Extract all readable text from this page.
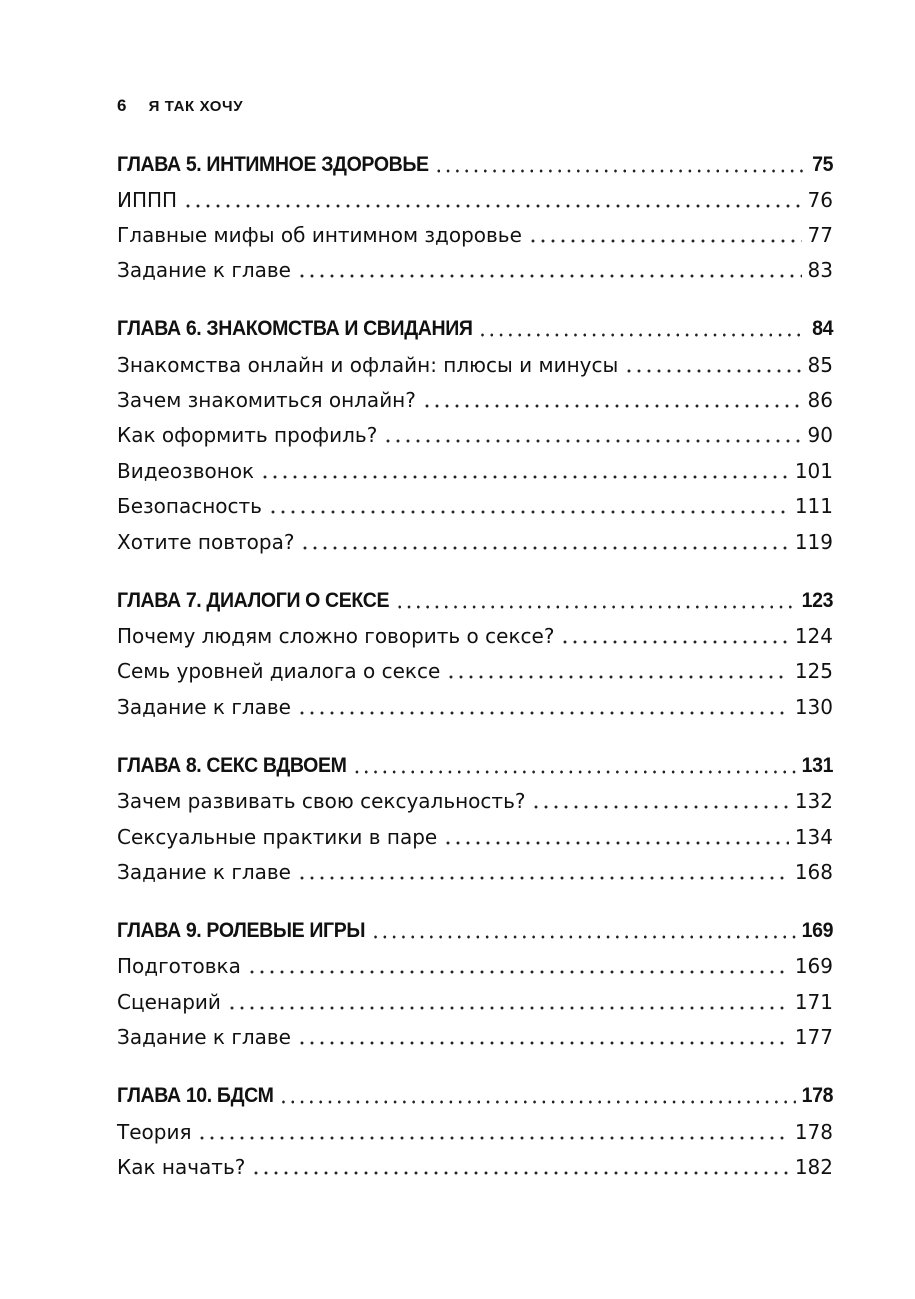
6 Я ТАК ХОЧУ
ГЛАВА 5. ИНТИМНОЕ ЗДОРОВЬЕ	75
ИППП	76
Главные мифы об интимном здоровье	77
Задание к главе	83
ГЛАВА 6. ЗНАКОМСТВА И СВИДАНИЯ	84
Знакомства онлайн и офлайн: плюсы и минусы	85
Зачем знакомиться онлайн?	86
Как оформить профиль?	90
Видеозвонок	101
Безопасность	111
Хотите повтора?	119
ГЛАВА 7. ДИАЛОГИ О СЕКСЕ	123
Почему людям сложно говорить о сексе?	124
Семь уровней диалога о сексе	125
Задание к главе	130
ГЛАВА 8. СЕКС ВДВОЕМ	131
Зачем развивать свою сексуальность?	132
Сексуальные практики в паре	134
Задание к главе	168
ГЛАВА 9. РОЛЕВЫЕ ИГРЫ	169
Подготовка	169
Сценарий	171
Задание к главе	177
ГЛАВА 10. БДСМ	178
Теория	178
Как начать?	182
